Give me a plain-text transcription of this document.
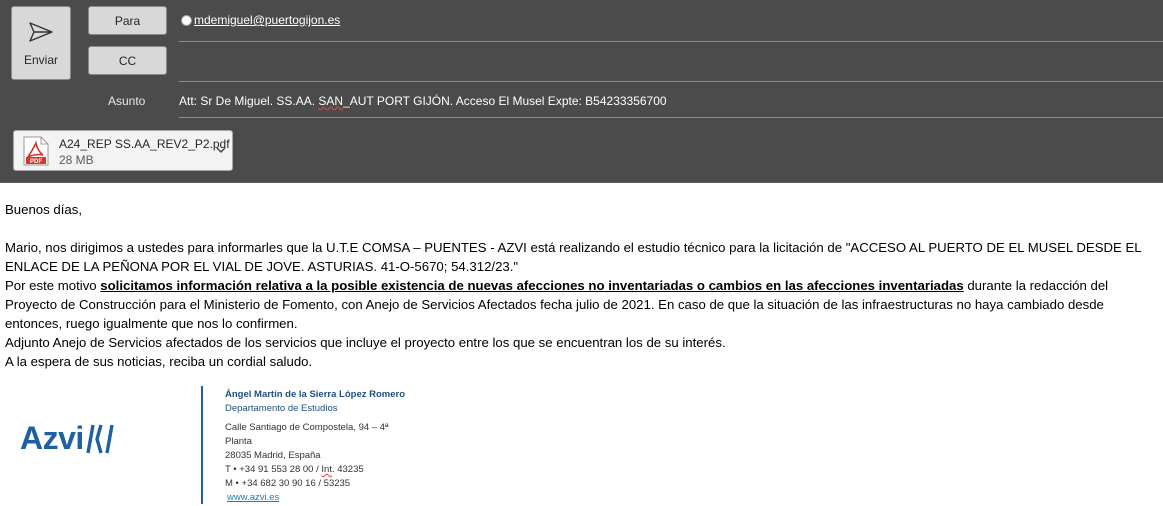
Enviar
Para
CC
mdemiguel@puertogijon.es
Asunto	Att: Sr De Miguel. SS.AA. SAN_AUT PORT GIJÓN. Acceso El Musel Expte: B54233356700
PDF
A24_REP SS.AA_REV2_P2.pdf
28 MB

Buenos días,

Mario, nos dirigimos a ustedes para informarles que la U.T.E COMSA – PUENTES - AZVI está realizando el estudio técnico para la licitación de "ACCESO AL PUERTO DE EL MUSEL DESDE EL ENLACE DE LA PEÑONA POR EL VIAL DE JOVE. ASTURIAS. 41-O-5670; 54.312/23."

Por este motivo solicitamos información relativa a la posible existencia de nuevas afecciones no inventariadas o cambios en las afecciones inventariadas durante la redacción del Proyecto de Construcción para el Ministerio de Fomento, con Anejo de Servicios Afectados fecha julio de 2021. En caso de que la situación de las infraestructuras no haya cambiado desde entonces, ruego igualmente que nos lo confirmen.

Adjunto Anejo de Servicios afectados de los servicios que incluye el proyecto entre los que se encuentran los de su interés.

A la espera de sus noticias, reciba un cordial saludo.

Azvi
Ángel Martín de la Sierra López Romero
Departamento de Estudios
Calle Santiago de Compostela, 94 – 4ª
Planta
28035 Madrid, España
T • +34 91 553 28 00 / Int. 43235
M • +34 682 30 90 16 / 53235
www.azvi.es
